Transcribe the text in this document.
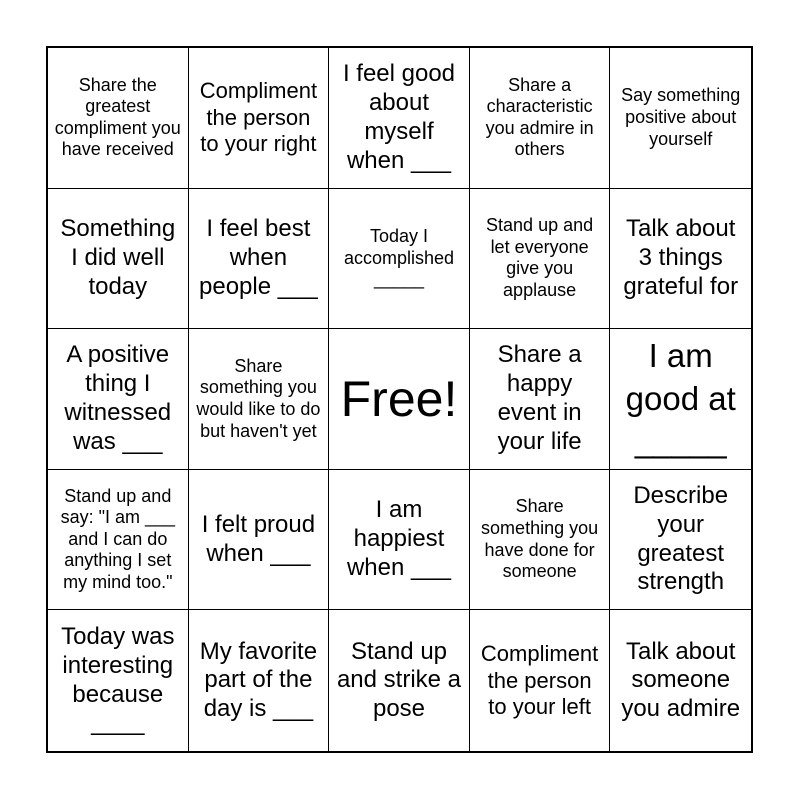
Share the greatest compliment you have received
Compliment the person to your right
I feel good about myself when ___
Share a characteristic you admire in others
Say something positive about yourself
Something I did well today
I feel best when people ___
Today I accomplished _____
Stand up and let everyone give you applause
Talk about 3 things grateful for
A positive thing I witnessed was ___
Share something you would like to do but haven't yet
Free!
Share a happy event in your life
I am good at _____
Stand up and say: "I am ___ and I can do anything I set my mind too."
I felt proud when ___
I am happiest when ___
Share something you have done for someone
Describe your greatest strength
Today was interesting because ____
My favorite part of the day is ___
Stand up and strike a pose
Compliment the person to your left
Talk about someone you admire
